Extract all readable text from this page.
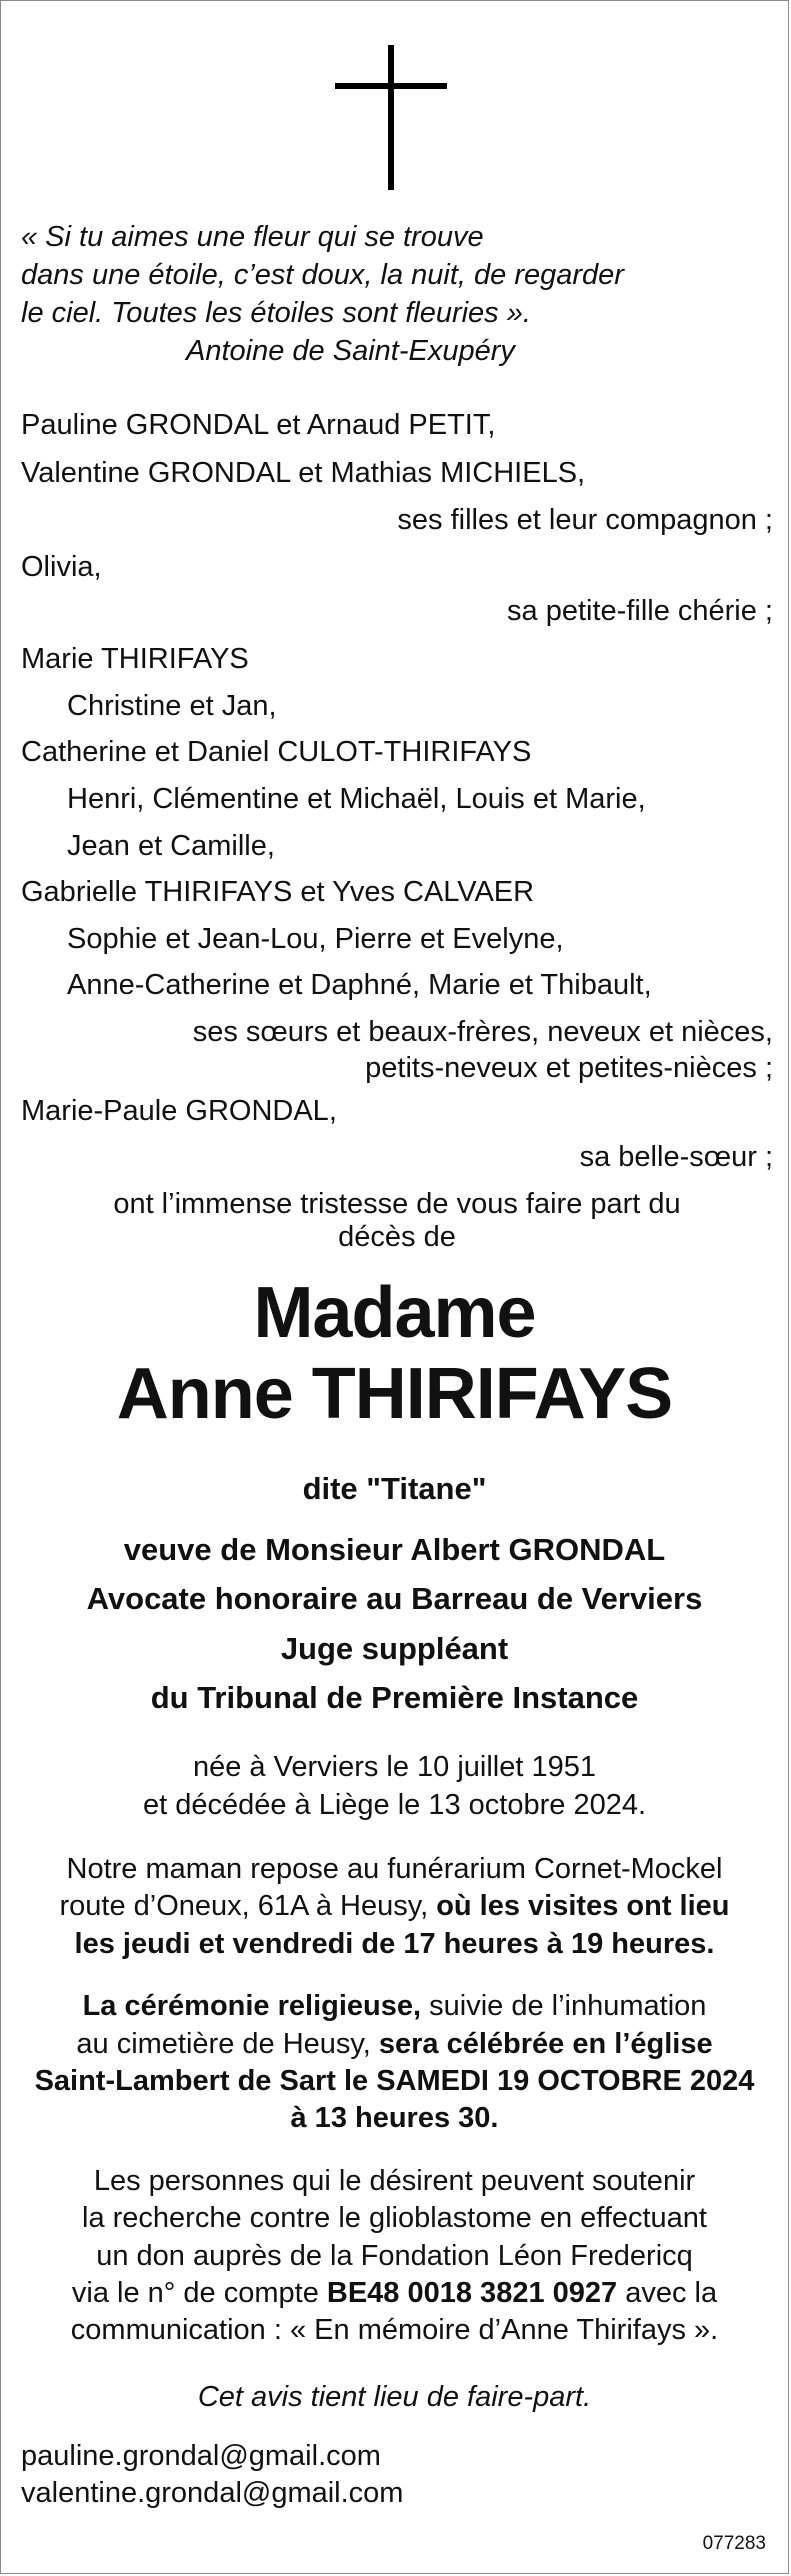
« Si tu aimes une fleur qui se trouve
dans une étoile, c’est doux, la nuit, de regarder
le ciel. Toutes les étoiles sont fleuries ».
Antoine de Saint-Exupéry
Pauline GRONDAL et Arnaud PETIT,
Valentine GRONDAL et Mathias MICHIELS,
ses filles et leur compagnon ;
Olivia,
sa petite-fille chérie ;
Marie THIRIFAYS
Christine et Jan,
Catherine et Daniel CULOT-THIRIFAYS
Henri, Clémentine et Michaël, Louis et Marie,
Jean et Camille,
Gabrielle THIRIFAYS et Yves CALVAER
Sophie et Jean-Lou, Pierre et Evelyne,
Anne-Catherine et Daphné, Marie et Thibault,
ses sœurs et beaux-frères, neveux et nièces,
petits-neveux et petites-nièces ;
Marie-Paule GRONDAL,
sa belle-sœur ;
ont l’immense tristesse de vous faire part du
décès de
Madame
Anne THIRIFAYS
dite "Titane"
veuve de Monsieur Albert GRONDAL
Avocate honoraire au Barreau de Verviers
Juge suppléant
du Tribunal de Première Instance
née à Verviers le 10 juillet 1951
et décédée à Liège le 13 octobre 2024.
Notre maman repose au funérarium Cornet-Mockel
route d’Oneux, 61A à Heusy, où les visites ont lieu
les jeudi et vendredi de 17 heures à 19 heures.
La cérémonie religieuse, suivie de l’inhumation
au cimetière de Heusy, sera célébrée en l’église
Saint-Lambert de Sart le SAMEDI 19 OCTOBRE 2024
à 13 heures 30.
Les personnes qui le désirent peuvent soutenir
la recherche contre le glioblastome en effectuant
un don auprès de la Fondation Léon Fredericq
via le n° de compte BE48 0018 3821 0927 avec la
communication : « En mémoire d’Anne Thirifays ».
Cet avis tient lieu de faire-part.
pauline.grondal@gmail.com
valentine.grondal@gmail.com
077283
